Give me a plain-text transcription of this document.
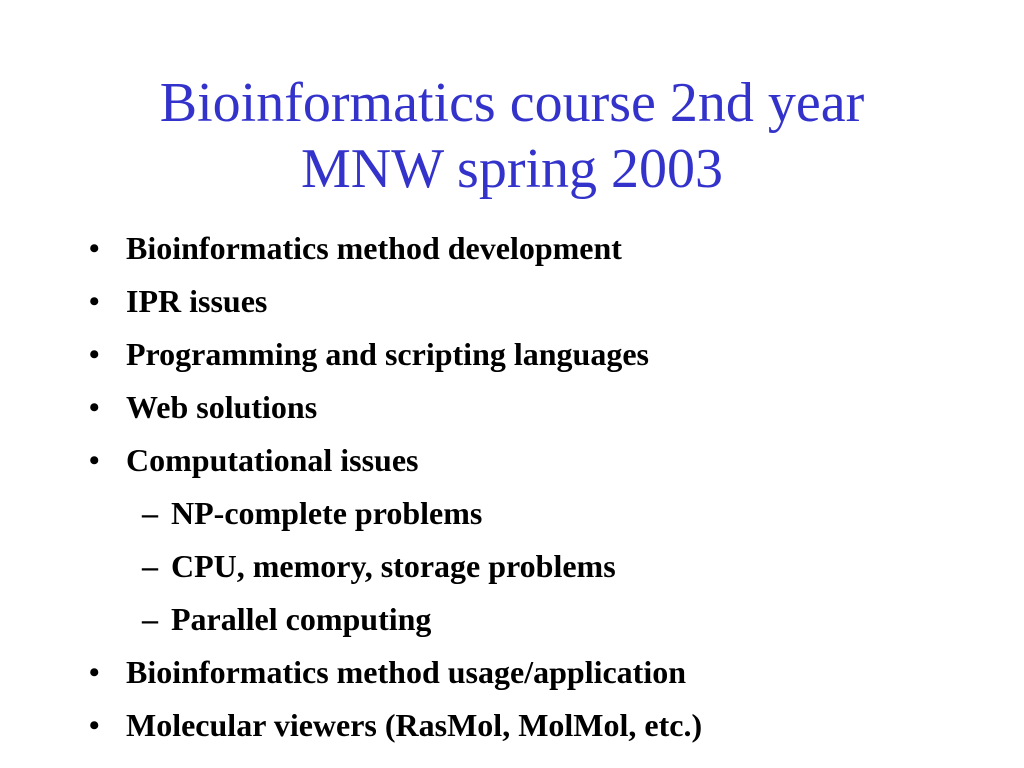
Bioinformatics course 2nd year
MNW spring 2003
• Bioinformatics method development
• IPR issues
• Programming and scripting languages
• Web solutions
• Computational issues
– NP-complete problems
– CPU, memory, storage problems
– Parallel computing
• Bioinformatics method usage/application
• Molecular viewers (RasMol, MolMol, etc.)
